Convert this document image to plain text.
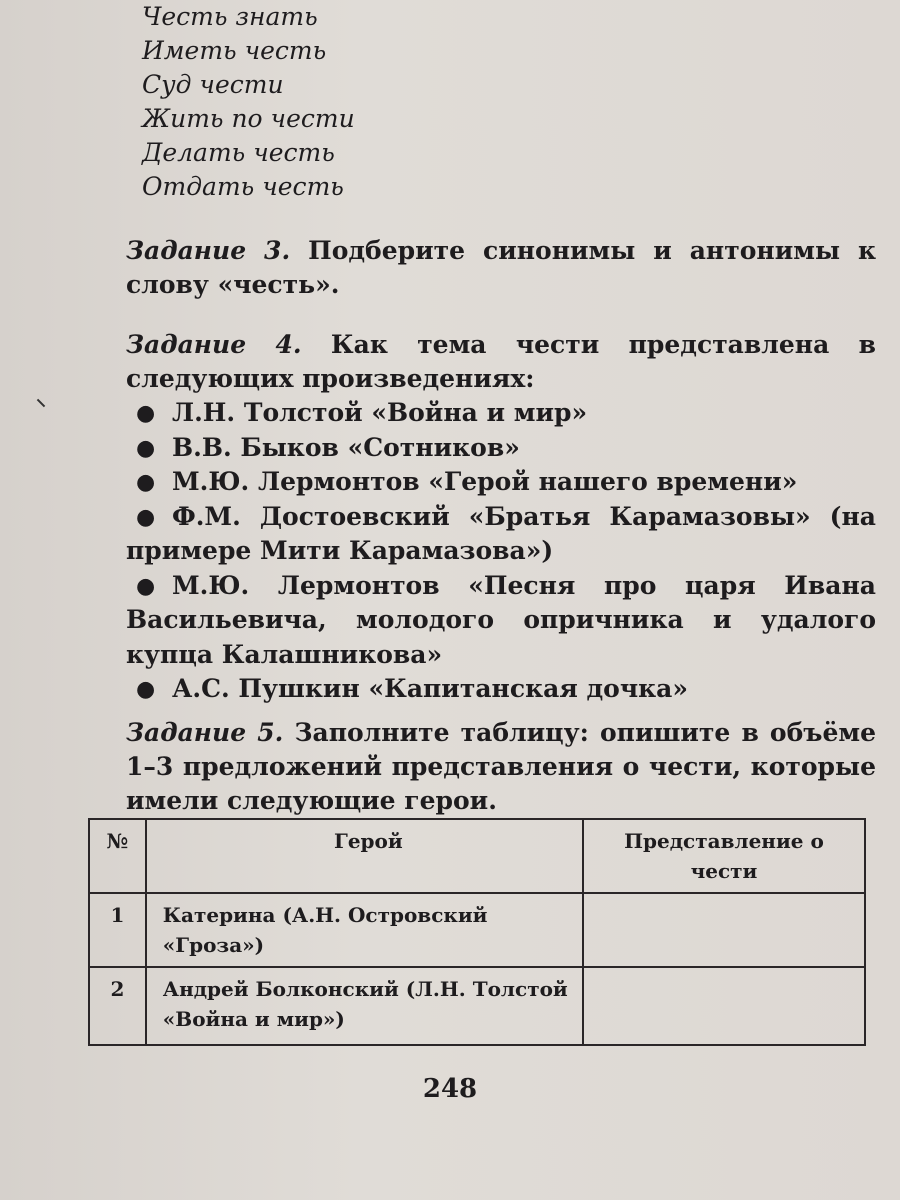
Честь знать
Иметь честь
Суд чести
Жить по чести
Делать честь
Отдать честь
Задание 3. Подберите синонимы и антонимы к слову «честь».
Задание 4. Как тема чести представлена в следующих произведениях:
● Л.Н. Толстой «Война и мир»
● В.В. Быков «Сотников»
● М.Ю. Лермонтов «Герой нашего времени»
● Ф.М. Достоевский «Братья Карамазовы» (на примере Мити Карамазова»)
● М.Ю. Лермонтов «Песня про царя Ивана Васильевича, молодого опричника и удалого купца Калашникова»
● А.С. Пушкин «Капитанская дочка»
Задание 5. Заполните таблицу: опишите в объёме 1–3 предложений представления о чести, которые имели следующие герои.
№	Герой	Представление о чести
1	Катерина (А.Н. Островский «Гроза»)	
2	Андрей Болконский (Л.Н. Толстой «Война и мир»)	
248
